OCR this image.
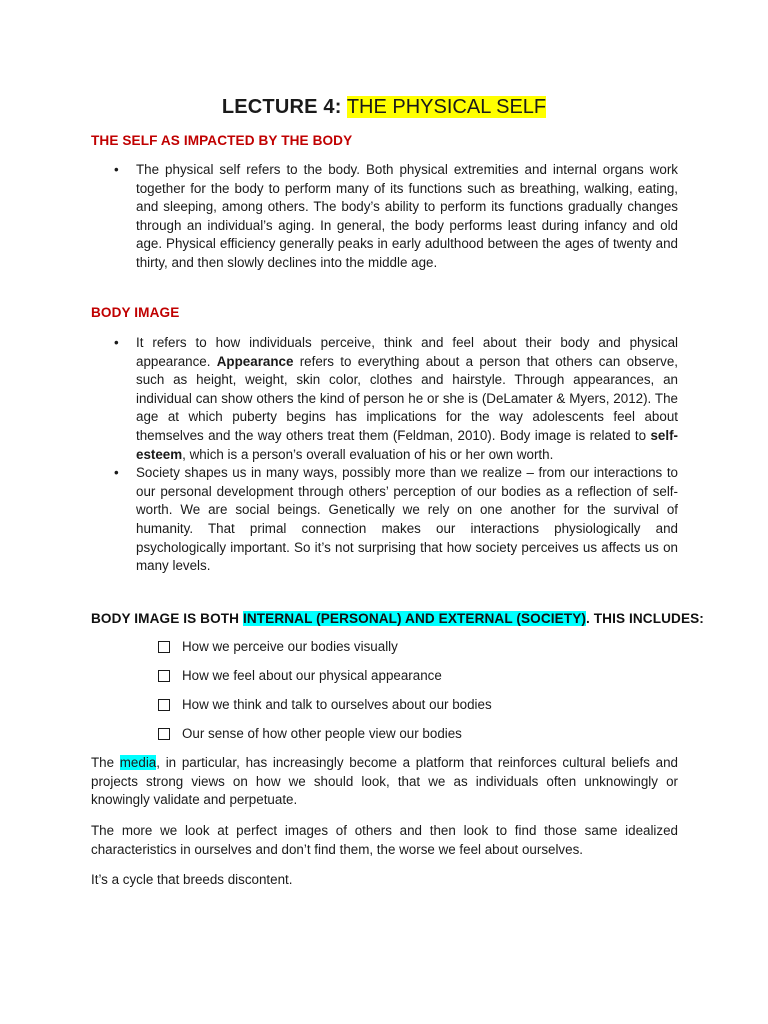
LECTURE 4: THE PHYSICAL SELF
THE SELF AS IMPACTED BY THE BODY
• The physical self refers to the body. Both physical extremities and internal organs work together for the body to perform many of its functions such as breathing, walking, eating, and sleeping, among others. The body’s ability to perform its functions gradually changes through an individual’s aging. In general, the body performs least during infancy and old age. Physical efficiency generally peaks in early adulthood between the ages of twenty and thirty, and then slowly declines into the middle age.
BODY IMAGE
• It refers to how individuals perceive, think and feel about their body and physical appearance. Appearance refers to everything about a person that others can observe, such as height, weight, skin color, clothes and hairstyle. Through appearances, an individual can show others the kind of person he or she is (DeLamater & Myers, 2012). The age at which puberty begins has implications for the way adolescents feel about themselves and the way others treat them (Feldman, 2010). Body image is related to self-esteem, which is a person’s overall evaluation of his or her own worth.
• Society shapes us in many ways, possibly more than we realize – from our interactions to our personal development through others’ perception of our bodies as a reflection of self-worth. We are social beings. Genetically we rely on one another for the survival of humanity. That primal connection makes our interactions physiologically and psychologically important. So it’s not surprising that how society perceives us affects us on many levels.
BODY IMAGE IS BOTH INTERNAL (PERSONAL) AND EXTERNAL (SOCIETY). THIS INCLUDES:
How we perceive our bodies visually
How we feel about our physical appearance
How we think and talk to ourselves about our bodies
Our sense of how other people view our bodies

The media, in particular, has increasingly become a platform that reinforces cultural beliefs and projects strong views on how we should look, that we as individuals often unknowingly or knowingly validate and perpetuate.

The more we look at perfect images of others and then look to find those same idealized characteristics in ourselves and don’t find them, the worse we feel about ourselves.

It’s a cycle that breeds discontent.
